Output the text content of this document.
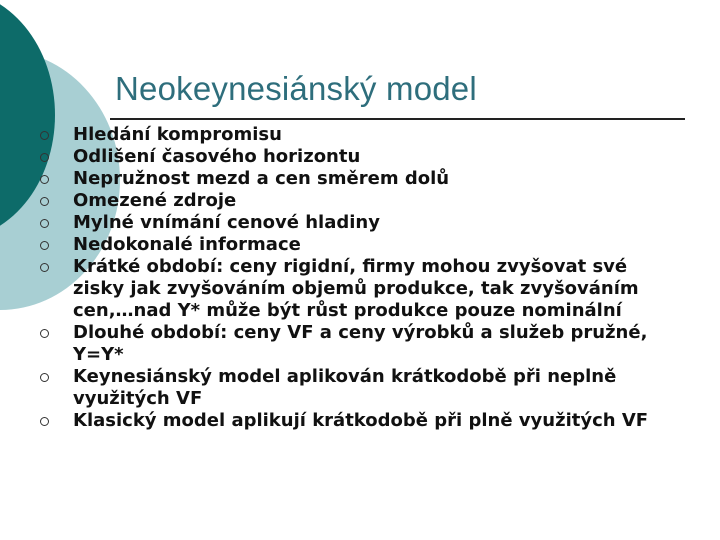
Neokeynesiánský model
Hledání kompromisu
Odlišení časového horizontu
Nepružnost mezd a cen směrem dolů
Omezené zdroje
Mylné vnímání cenové hladiny
Nedokonalé informace
Krátké období: ceny rigidní, firmy mohou zvyšovat své zisky jak zvyšováním objemů produkce, tak zvyšováním cen,…nad Y* může být růst produkce pouze nominální
Dlouhé období: ceny VF a ceny výrobků a služeb pružné, Y=Y*
Keynesiánský model aplikován krátkodobě při neplně využitých VF
Klasický model aplikují krátkodobě při plně využitých VF
